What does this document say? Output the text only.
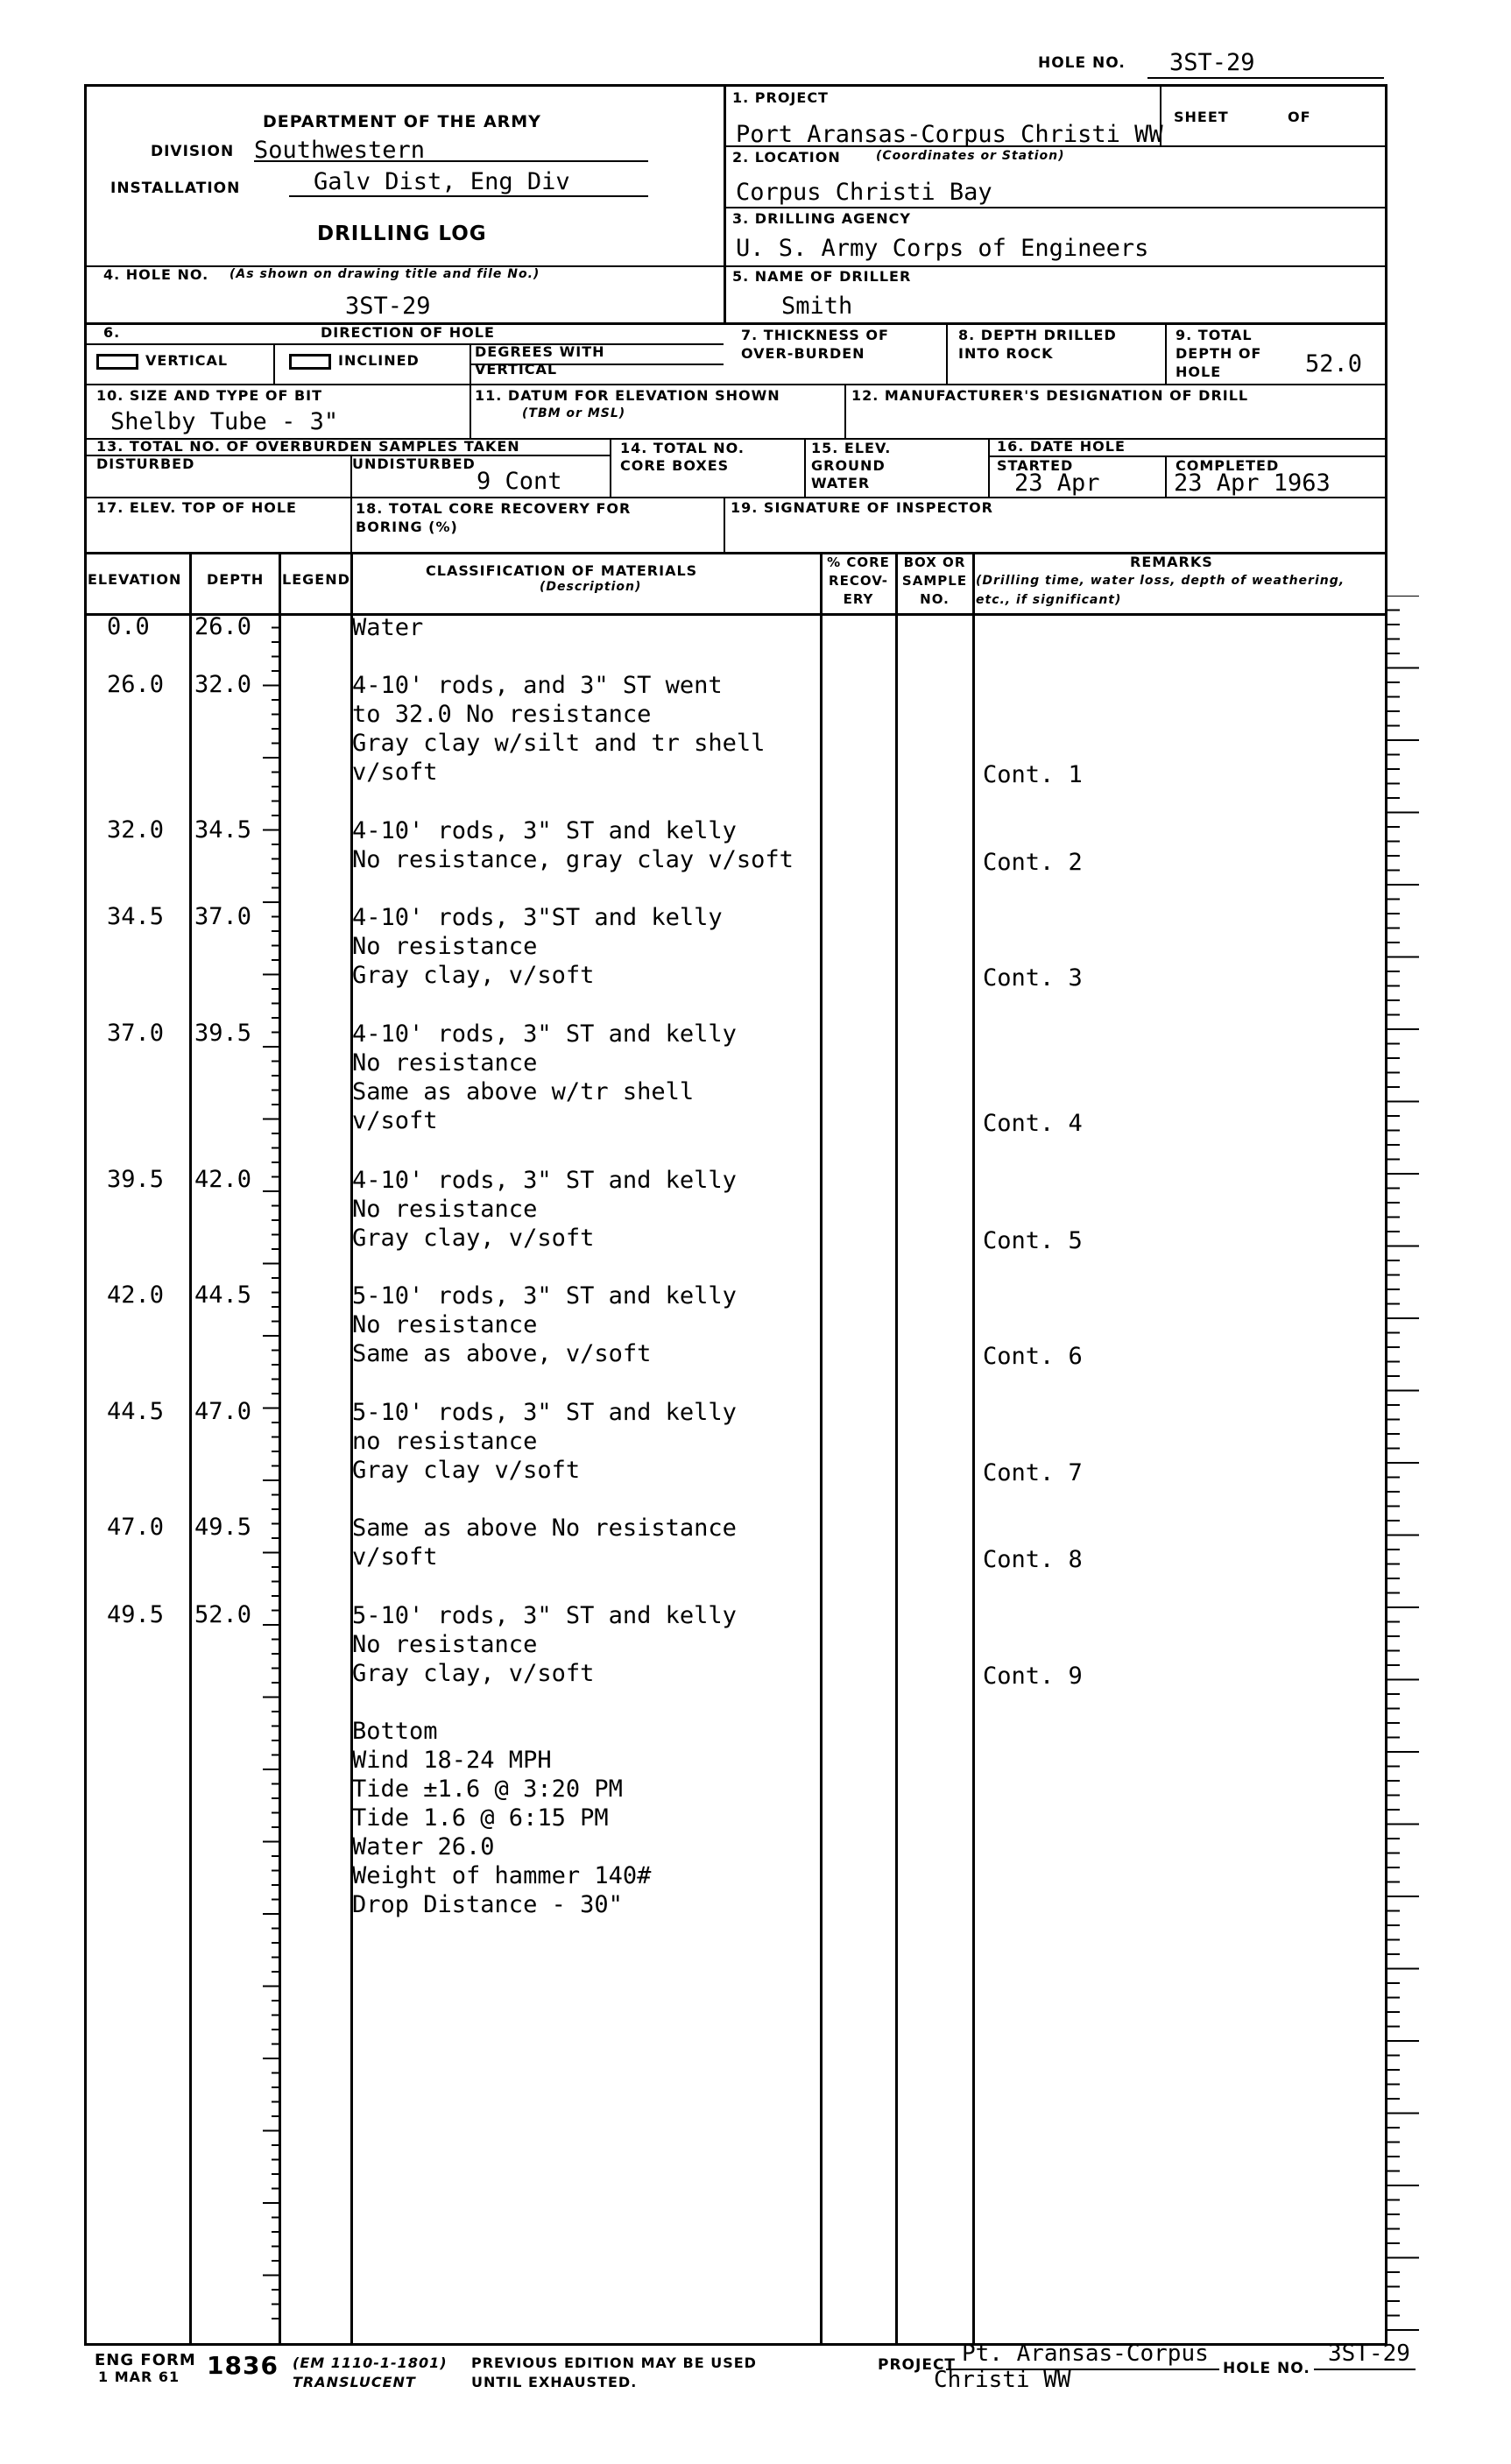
HOLE NO. 3ST-29
DEPARTMENT OF THE ARMY
DIVISION Southwestern
INSTALLATION	Galv Dist, Eng Div
DRILLING LOG
4. HOLE NO. (As shown on drawing title and file No.)
3ST-29
1. PROJECT
Port Aransas-Corpus Christi WW
SHEET	OF
2. LOCATION	(Coordinates or Station)
Corpus Christi Bay
3. DRILLING AGENCY
U. S. Army Corps of Engineers
5. NAME OF DRILLER
Smith
6.	DIRECTION OF HOLE
VERTICAL	INCLINED
DEGREES WITH VERTICAL
7. THICKNESS OF OVER-BURDEN
8. DEPTH DRILLED INTO ROCK
9. TOTAL DEPTH OF HOLE	52.0
10. SIZE AND TYPE OF BIT
Shelby Tube - 3"
11. DATUM FOR ELEVATION SHOWN
(TBM or MSL)
12. MANUFACTURER'S DESIGNATION OF DRILL
13. TOTAL NO. OF OVERBURDEN SAMPLES TAKEN
DISTURBED	UNDISTURBED
9 Cont
14. TOTAL NO. CORE BOXES
15. ELEV. GROUND WATER
16. DATE HOLE
STARTED
23 Apr
COMPLETED
23 Apr 1963
17. ELEV. TOP OF HOLE	18. TOTAL CORE RECOVERY FOR BORING (%)
19. SIGNATURE OF INSPECTOR
ELEVATION DEPTH LEGEND
CLASSIFICATION OF MATERIALS
(Description)
% CORE RECOV-ERY
BOX OR SAMPLE NO.
REMARKS
(Drilling time, water loss, depth of weathering, etc., if significant)
0.0 26.0	Water
26.0 32.0	4-10' rods, and 3" ST went
to 32.0 No resistance
Gray clay w/silt and tr shell
v/soft	Cont. 1
32.0 34.5	4-10' rods, 3" ST and kelly
No resistance, gray clay v/soft	Cont. 2
34.5 37.0	4-10' rods, 3"ST and kelly
No resistance
Gray clay, v/soft	Cont. 3
37.0 39.5	4-10' rods, 3" ST and kelly
No resistance
Same as above w/tr shell
v/soft	Cont. 4
39.5 42.0	4-10' rods, 3" ST and kelly
No resistance
Gray clay, v/soft	Cont. 5
42.0 44.5	5-10' rods, 3" ST and kelly
No resistance
Same as above, v/soft	Cont. 6
44.5 47.0	5-10' rods, 3" ST and kelly
no resistance
Gray clay v/soft	Cont. 7
47.0 49.5	Same as above No resistance
v/soft	Cont. 8
49.5 52.0	5-10' rods, 3" ST and kelly
No resistance
Gray clay, v/soft	Cont. 9
Bottom
Wind 18-24 MPH
Tide ±1.6 @ 3:20 PM
Tide 1.6 @ 6:15 PM
Water 26.0
Weight of hammer 140#
Drop Distance - 30"
ENG FORM
1 MAR 61 1836 (EM 1110-1-1801)
TRANSLUCENT
PREVIOUS EDITION MAY BE USED
UNTIL EXHAUSTED.
PROJECT Pt. Aransas-Corpus
Christi WW	HOLE NO.
3ST-29
